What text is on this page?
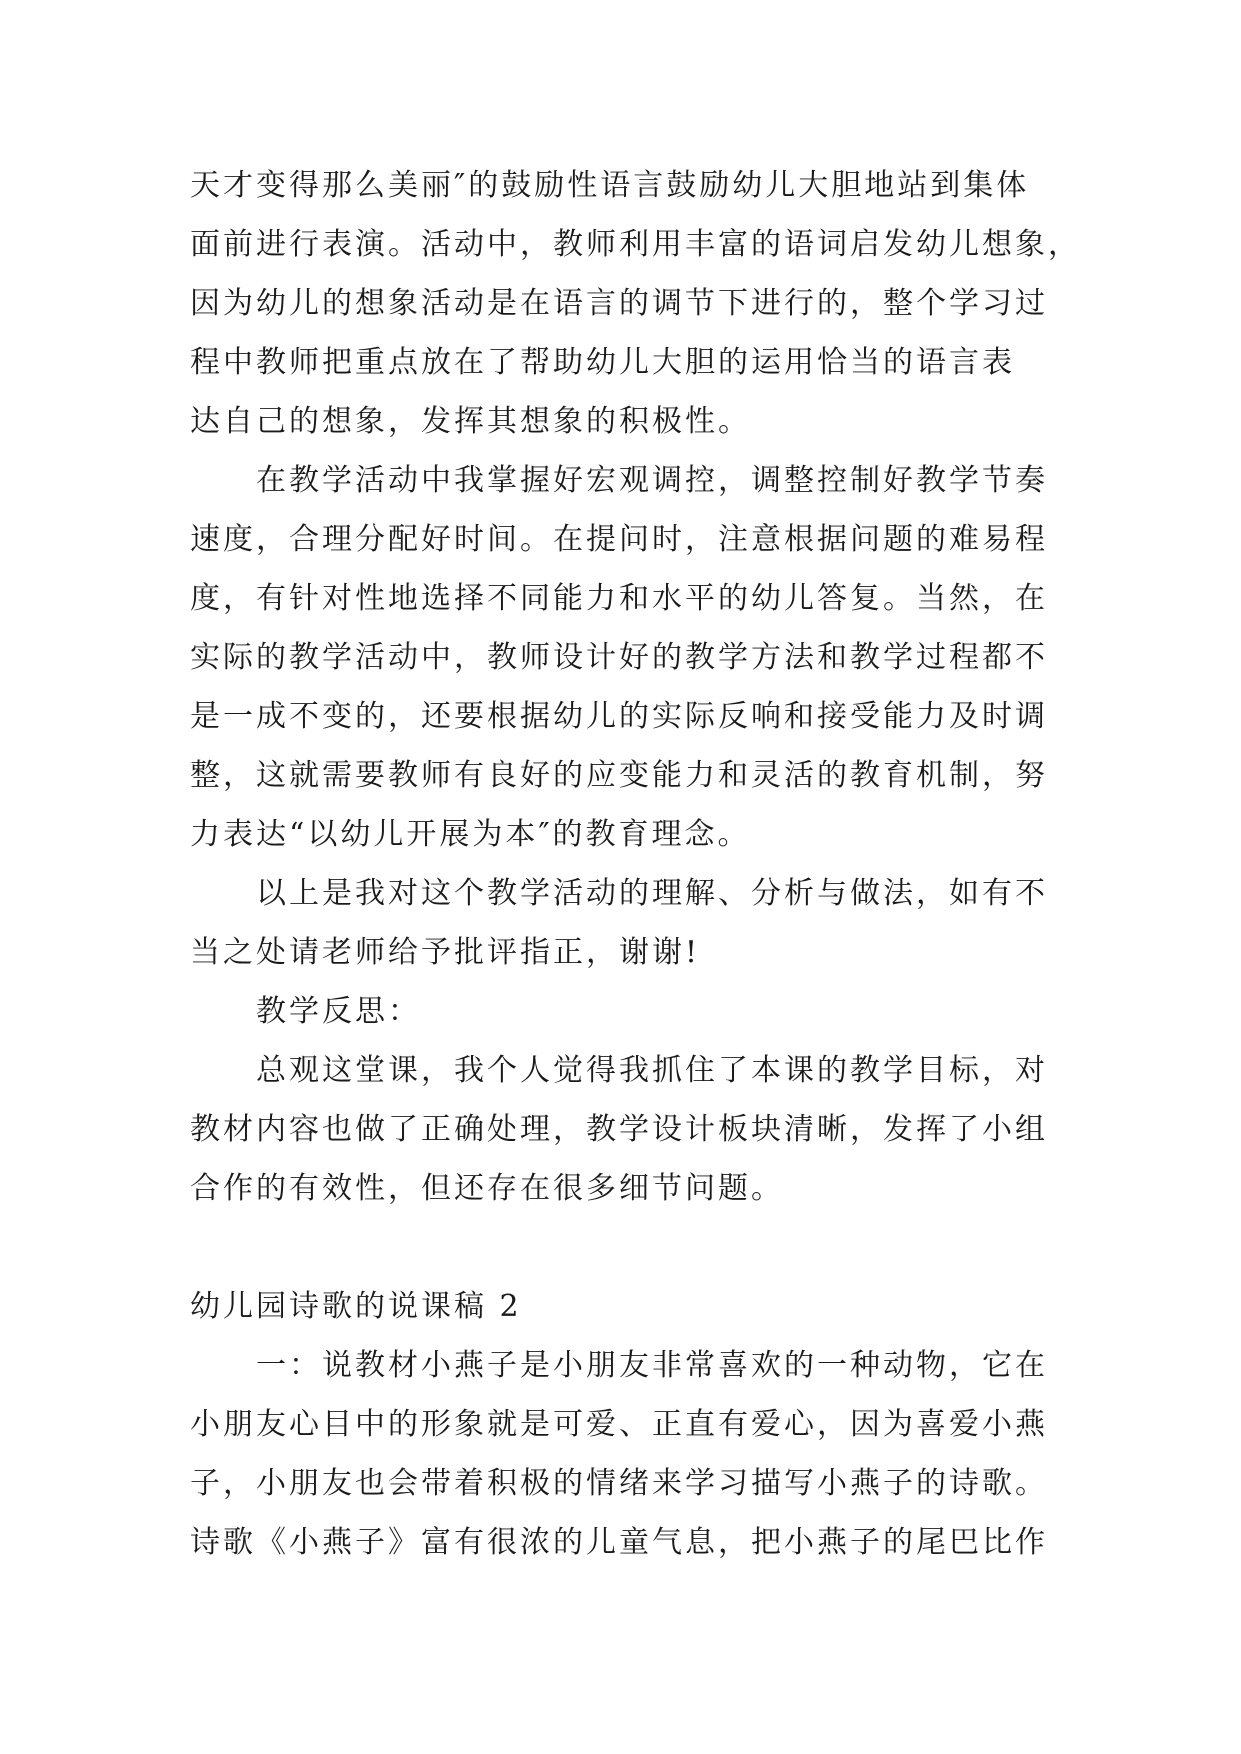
天才变得那么美丽″的鼓励性语言鼓励幼儿大胆地站到集体
面前进行表演。活动中，教师利用丰富的语词启发幼儿想象，
因为幼儿的想象活动是在语言的调节下进行的，整个学习过
程中教师把重点放在了帮助幼儿大胆的运用恰当的语言表
达自己的想象，发挥其想象的积极性。
在教学活动中我掌握好宏观调控，调整控制好教学节奏
速度，合理分配好时间。在提问时，注意根据问题的难易程
度，有针对性地选择不同能力和水平的幼儿答复。当然，在
实际的教学活动中，教师设计好的教学方法和教学过程都不
是一成不变的，还要根据幼儿的实际反响和接受能力及时调
整，这就需要教师有良好的应变能力和灵活的教育机制，努
力表达“以幼儿开展为本″的教育理念。
以上是我对这个教学活动的理解、分析与做法，如有不
当之处请老师给予批评指正，谢谢!
教学反思：
总观这堂课，我个人觉得我抓住了本课的教学目标，对
教材内容也做了正确处理，教学设计板块清晰，发挥了小组
合作的有效性，但还存在很多细节问题。
幼儿园诗歌的说课稿 2
一：说教材小燕子是小朋友非常喜欢的一种动物，它在
小朋友心目中的形象就是可爱、正直有爱心，因为喜爱小燕
子，小朋友也会带着积极的情绪来学习描写小燕子的诗歌。
诗歌《小燕子》富有很浓的儿童气息，把小燕子的尾巴比作
